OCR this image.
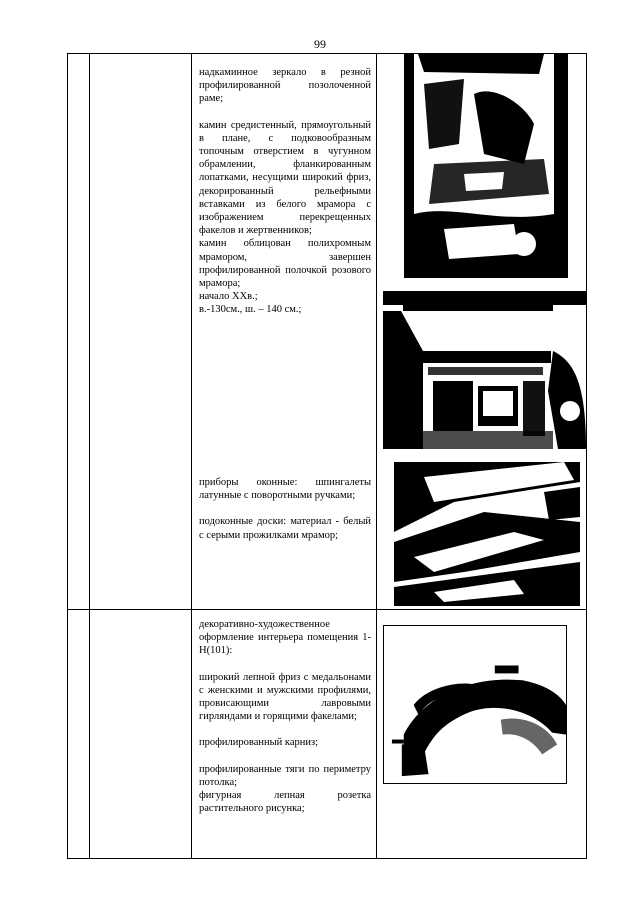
99

надкаминное зеркало в резной профилированной позолоченной раме;

камин средистенный, прямоугольный в плане, с подковообразным топочным отверстием в чугунном обрамлении, фланкированным лопатками, несущими широкий фриз, декорированный рельефными вставками из белого мрамора с изображением перекрещенных факелов и жертвенников;

камин облицован полихромным мрамором, завершен профилированной полочкой розового мрамора;

начало XXв.;

в.-130см., ш. – 140 см.;

приборы оконные: шпингалеты латунные с поворотными ручками;

подоконные доски: материал - белый с серыми прожилками мрамор;

декоративно-художественное оформление интерьера помещения 1-Н(101):

широкий лепной фриз с медальонами с женскими и мужскими профилями, провисающими лавровыми гирляндами и горящими факелами;

профилированный карниз;

профилированные тяги по периметру потолка;

фигурная лепная розетка растительного рисунка;
